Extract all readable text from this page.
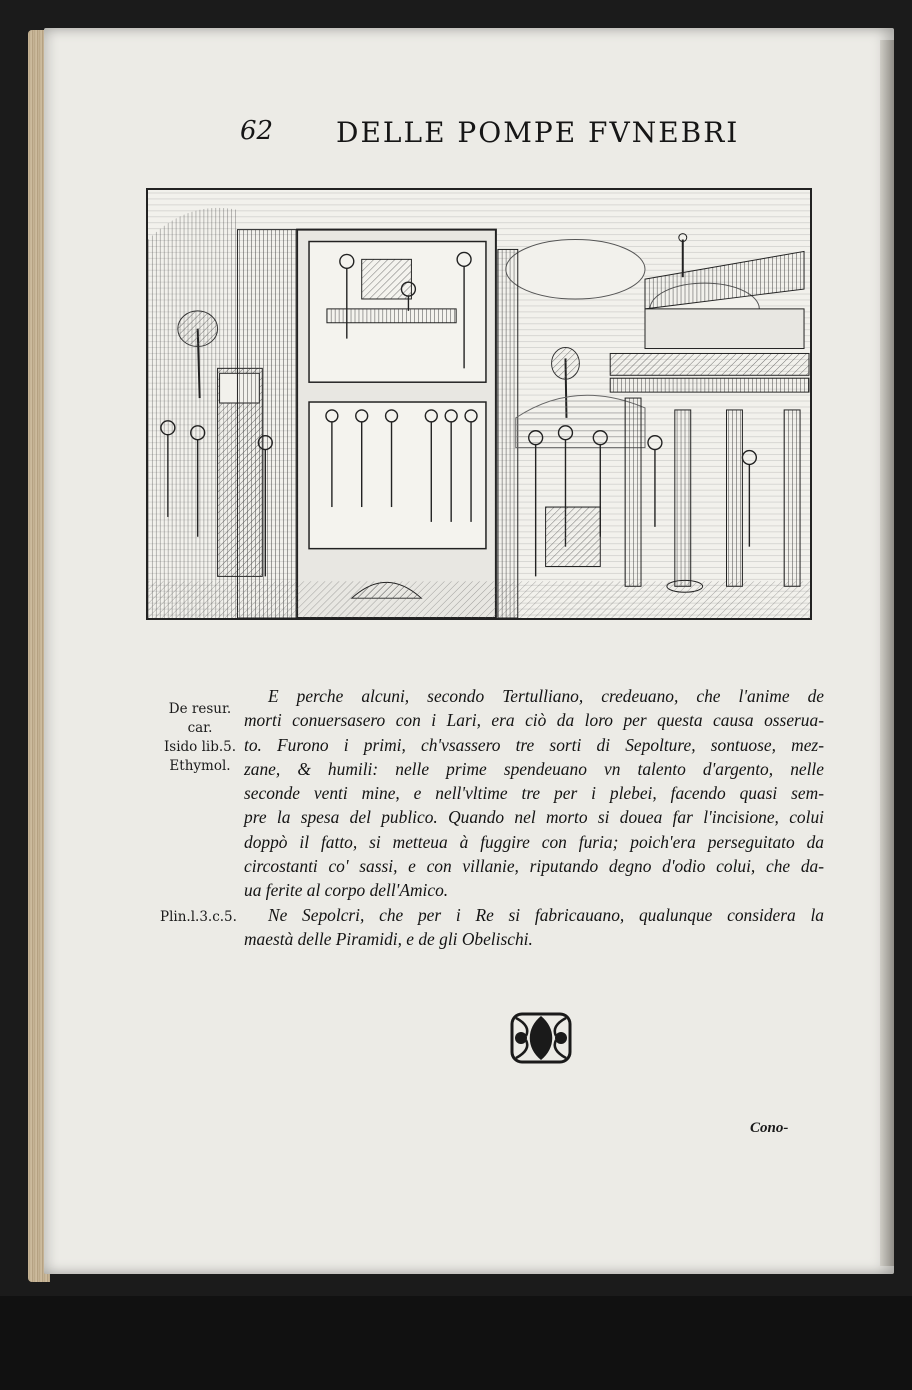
62 DELLE POMPE FVNEBRI
De resur.
car.
Isido lib.5.
Ethymol.
Plin.l.3.c.5.

E perche alcuni, secondo Tertulliano, credeuano, che l'anime de
morti conuersasero con i Lari, era ciò da loro per questa causa osserua-
to. Furono i primi, ch'vsassero tre sorti di Sepolture, sontuose, mez-
zane, & humili: nelle prime spendeuano vn talento d'argento, nelle
seconde venti mine, e nell'vltime tre per i plebei, facendo quasi sem-
pre la spesa del publico. Quando nel morto si doueа far l'incisione, colui
doppò il fatto, si metteua à fuggire con furia; poich'era perseguitato da
circostanti co' sassi, e con villanie, riputando degno d'odio colui, che da-
ua ferite al corpo dell'Amico.

Ne Sepolcri, che per i Re si fabricauano, qualunque considera la
maestà delle Piramidi, e de gli Obelischi.

Cono-
